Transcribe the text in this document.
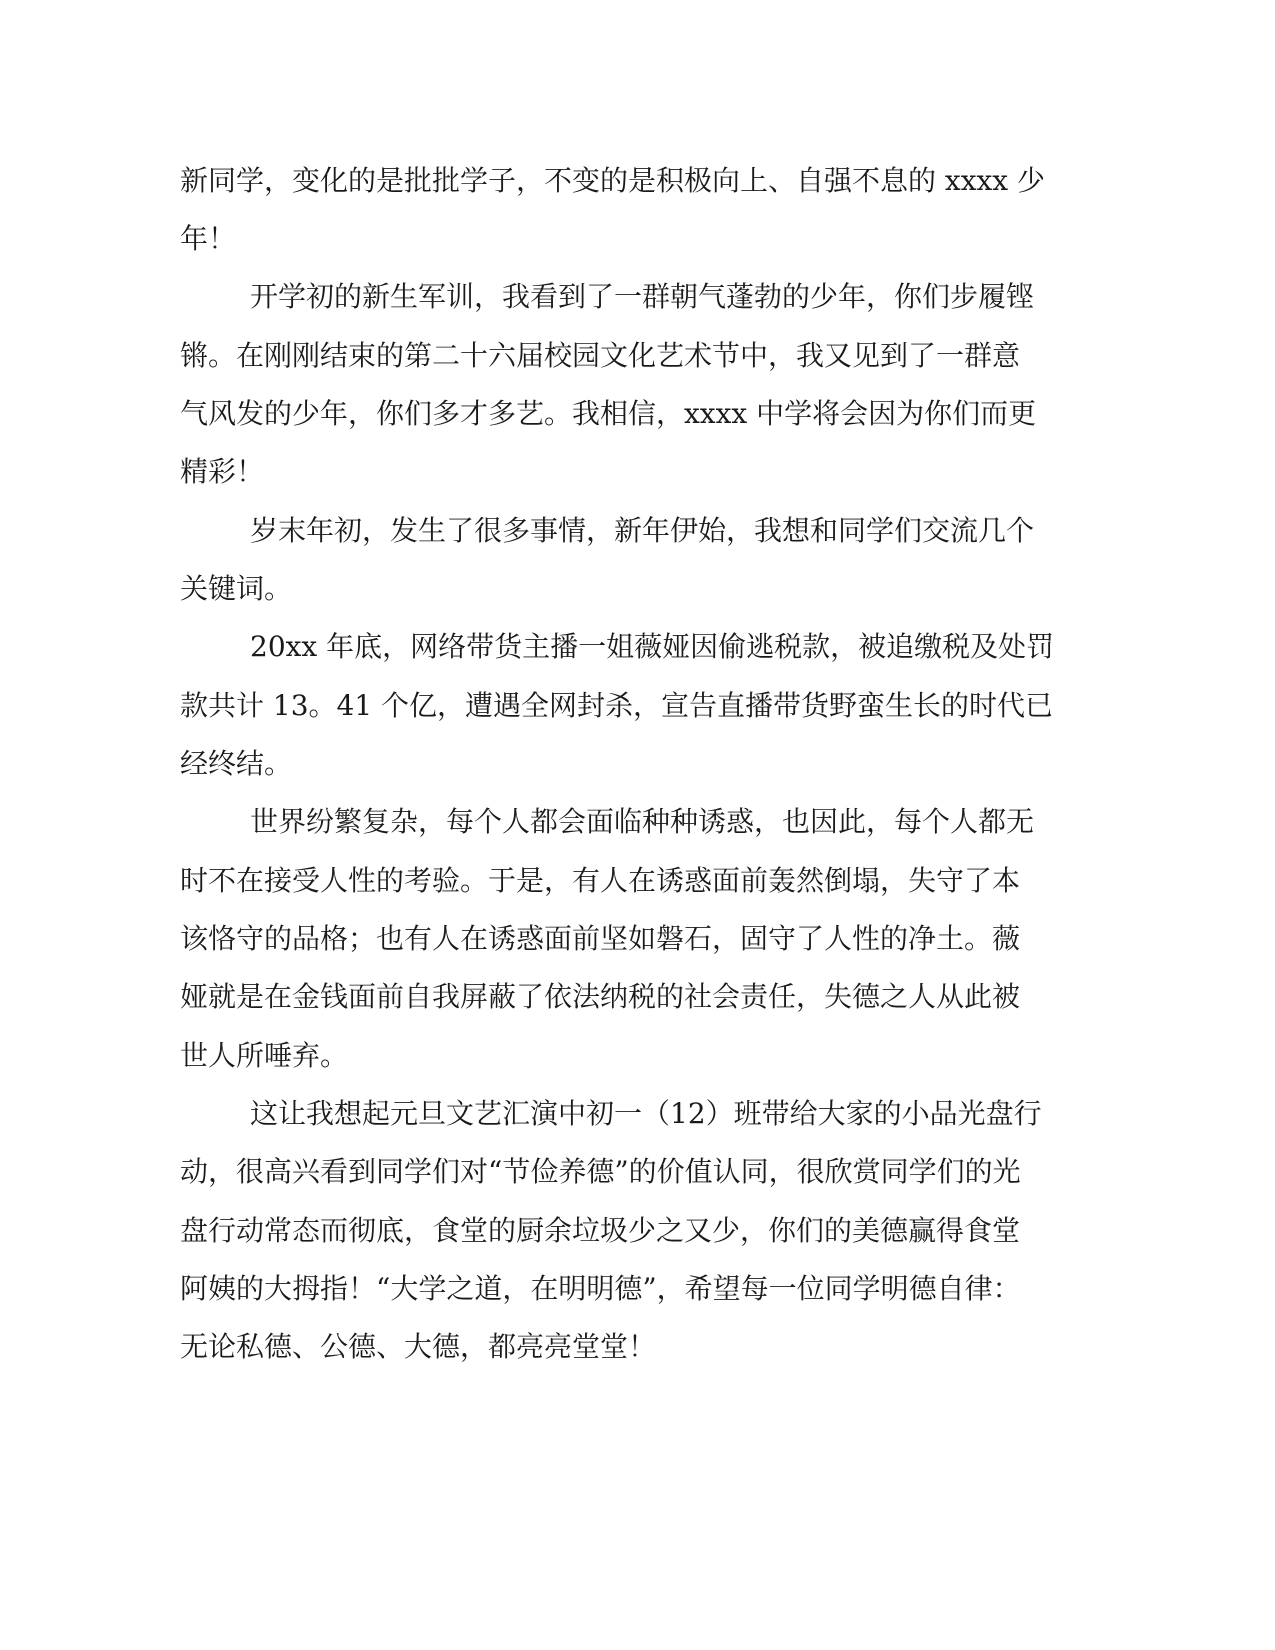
新同学，变化的是批批学子，不变的是积极向上、自强不息的 xxxx 少
年！
开学初的新生军训，我看到了一群朝气蓬勃的少年，你们步履铿
锵。在刚刚结束的第二十六届校园文化艺术节中，我又见到了一群意
气风发的少年，你们多才多艺。我相信，xxxx 中学将会因为你们而更
精彩！
岁末年初，发生了很多事情，新年伊始，我想和同学们交流几个
关键词。
20xx 年底，网络带货主播一姐薇娅因偷逃税款，被追缴税及处罚
款共计 13。41 个亿，遭遇全网封杀，宣告直播带货野蛮生长的时代已
经终结。
世界纷繁复杂，每个人都会面临种种诱惑，也因此，每个人都无
时不在接受人性的考验。于是，有人在诱惑面前轰然倒塌，失守了本
该恪守的品格；也有人在诱惑面前坚如磐石，固守了人性的净土。薇
娅就是在金钱面前自我屏蔽了依法纳税的社会责任，失德之人从此被
世人所唾弃。
这让我想起元旦文艺汇演中初一（12）班带给大家的小品光盘行
动，很高兴看到同学们对“节俭养德”的价值认同，很欣赏同学们的光
盘行动常态而彻底，食堂的厨余垃圾少之又少，你们的美德赢得食堂
阿姨的大拇指！“大学之道，在明明德”，希望每一位同学明德自律：
无论私德、公德、大德，都亮亮堂堂！
